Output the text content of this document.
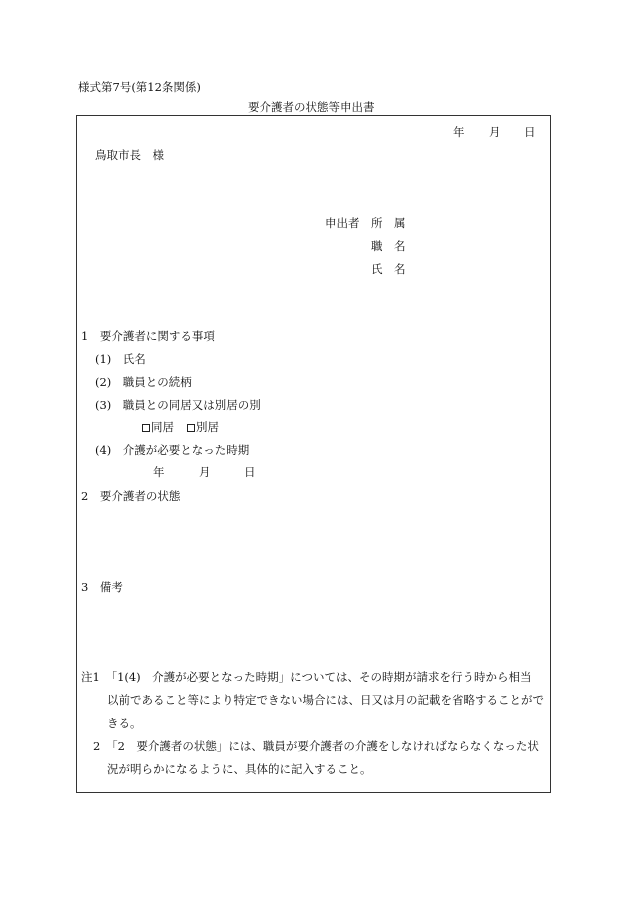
様式第7号(第12条関係)
要介護者の状態等申出書
年 月 日
鳥取市長　様
申出者 所　属
職　名
氏　名
1　要介護者に関する事項
(1)　氏名
(2)　職員との続柄
(3)　職員との同居又は別居の別
同居	別居
(4)　介護が必要となった時期
年	月	日
2　要介護者の状態
3　備考
注1　「1(4)　介護が必要となった時期」については、その時期が請求を行う時から相当
以前であること等により特定できない場合には、日又は月の記載を省略することがで
きる。
2　「2　要介護者の状態」には、職員が要介護者の介護をしなければならなくなった状
況が明らかになるように、具体的に記入すること。
